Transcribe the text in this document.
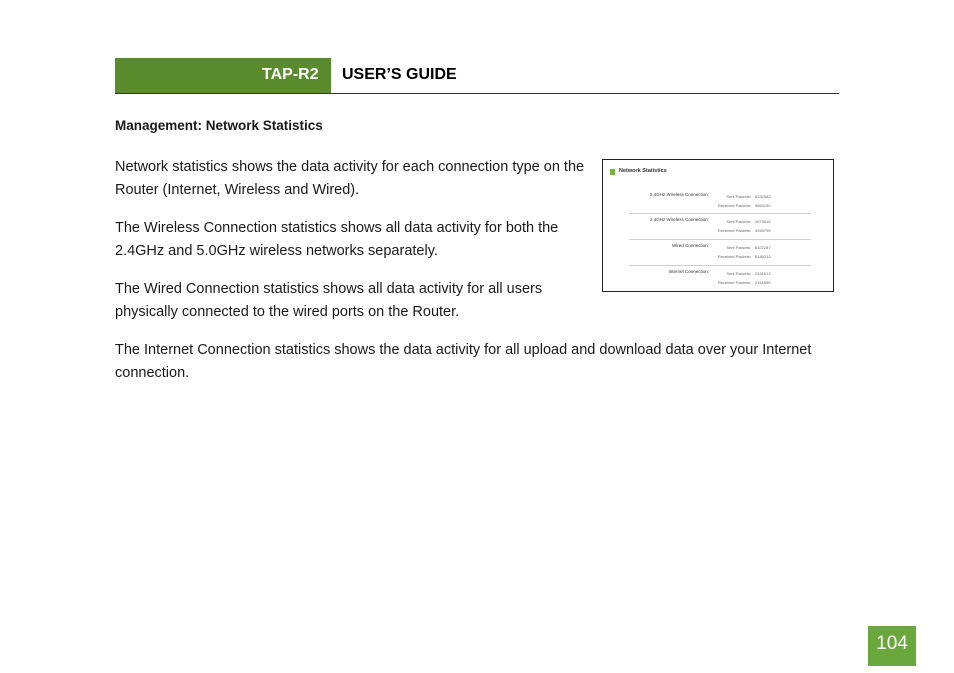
TAP-R2 USER’S GUIDE
Management: Network Statistics
Network statistics shows the data activity for each connection type on the Router (Internet, Wireless and Wired).
The Wireless Connection statistics shows all data activity for both the 2.4GHz and 5.0GHz wireless networks separately.
The Wired Connection statistics shows all data activity for all users physically connected to the wired ports on the Router.
The Internet Connection statistics shows the data activity for all upload and download data over your Internet connection.
Network Statistics
5.4GHz Wireless Connection:	Sent Packets: 6132582
Received Packets: 5864150
2.4GHz Wireless Connection:	Sent Packets: 3974616
Received Packets: 3945795
Wired Connection:	Sent Packets: 6107287
Received Packets: 6189213
Internet Connection:	Sent Packets: 2161612
Received Packets: 2161695
104
